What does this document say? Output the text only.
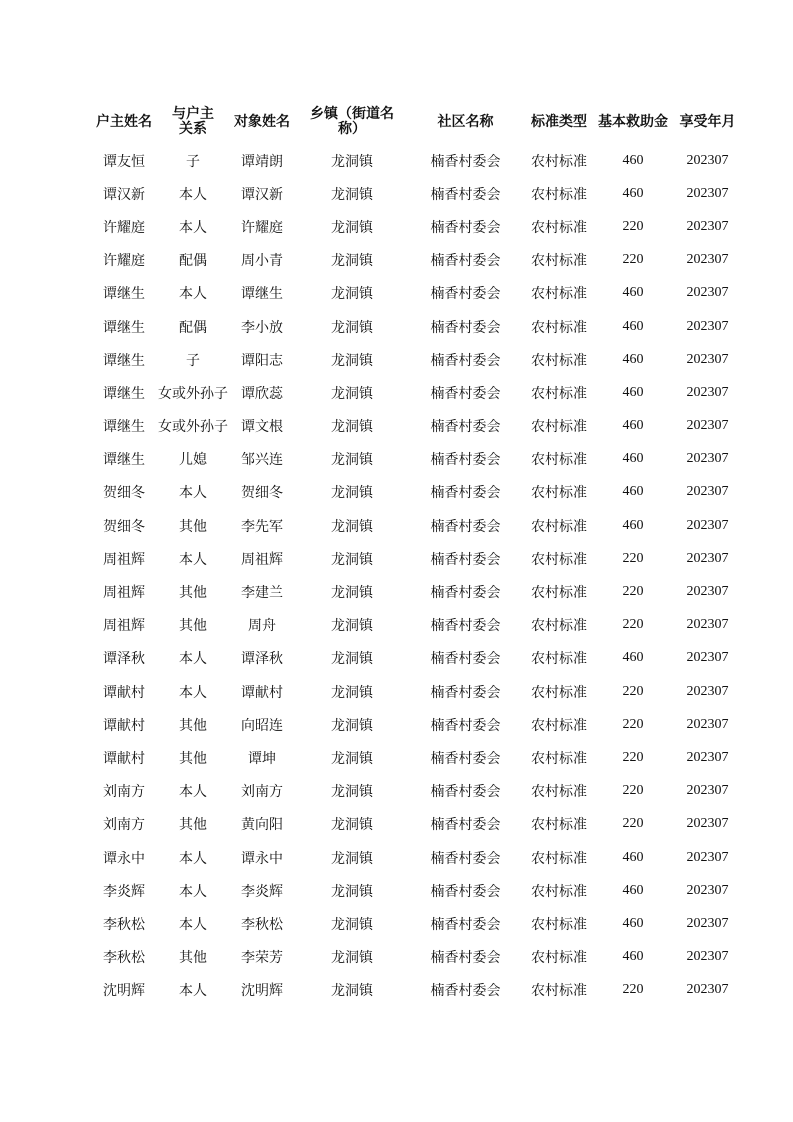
户主姓名	与户主关系	对象姓名	乡镇（街道名称）	社区名称	标准类型	基本救助金	享受年月
谭友恒	子	谭靖朗	龙洞镇	楠香村委会	农村标准	460	202307
谭汉新	本人	谭汉新	龙洞镇	楠香村委会	农村标准	460	202307
许耀庭	本人	许耀庭	龙洞镇	楠香村委会	农村标准	220	202307
许耀庭	配偶	周小青	龙洞镇	楠香村委会	农村标准	220	202307
谭继生	本人	谭继生	龙洞镇	楠香村委会	农村标准	460	202307
谭继生	配偶	李小放	龙洞镇	楠香村委会	农村标准	460	202307
谭继生	子	谭阳志	龙洞镇	楠香村委会	农村标准	460	202307
谭继生	女或外孙子	谭欣蕊	龙洞镇	楠香村委会	农村标准	460	202307
谭继生	女或外孙子	谭文根	龙洞镇	楠香村委会	农村标准	460	202307
谭继生	儿媳	邹兴连	龙洞镇	楠香村委会	农村标准	460	202307
贺细冬	本人	贺细冬	龙洞镇	楠香村委会	农村标准	460	202307
贺细冬	其他	李先军	龙洞镇	楠香村委会	农村标准	460	202307
周祖辉	本人	周祖辉	龙洞镇	楠香村委会	农村标准	220	202307
周祖辉	其他	李建兰	龙洞镇	楠香村委会	农村标准	220	202307
周祖辉	其他	周舟	龙洞镇	楠香村委会	农村标准	220	202307
谭泽秋	本人	谭泽秋	龙洞镇	楠香村委会	农村标准	460	202307
谭献村	本人	谭献村	龙洞镇	楠香村委会	农村标准	220	202307
谭献村	其他	向昭连	龙洞镇	楠香村委会	农村标准	220	202307
谭献村	其他	谭坤	龙洞镇	楠香村委会	农村标准	220	202307
刘南方	本人	刘南方	龙洞镇	楠香村委会	农村标准	220	202307
刘南方	其他	黄向阳	龙洞镇	楠香村委会	农村标准	220	202307
谭永中	本人	谭永中	龙洞镇	楠香村委会	农村标准	460	202307
李炎辉	本人	李炎辉	龙洞镇	楠香村委会	农村标准	460	202307
李秋松	本人	李秋松	龙洞镇	楠香村委会	农村标准	460	202307
李秋松	其他	李荣芳	龙洞镇	楠香村委会	农村标准	460	202307
沈明辉	本人	沈明辉	龙洞镇	楠香村委会	农村标准	220	202307
